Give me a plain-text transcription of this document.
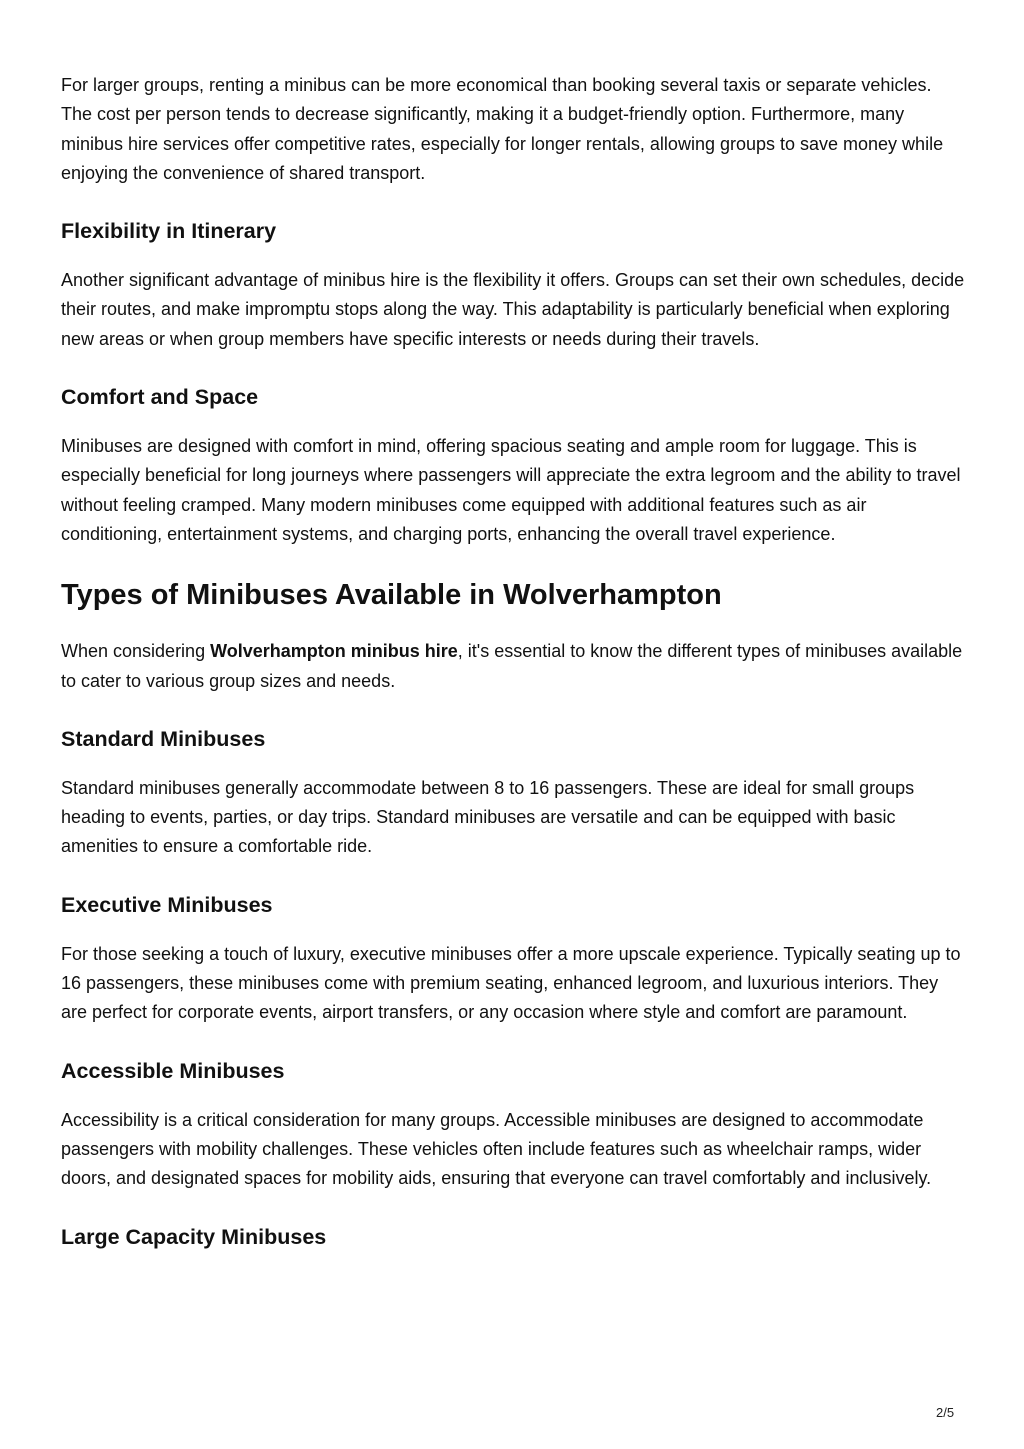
For larger groups, renting a minibus can be more economical than booking several taxis or separate vehicles. The cost per person tends to decrease significantly, making it a budget-friendly option. Furthermore, many minibus hire services offer competitive rates, especially for longer rentals, allowing groups to save money while enjoying the convenience of shared transport.

Flexibility in Itinerary

Another significant advantage of minibus hire is the flexibility it offers. Groups can set their own schedules, decide their routes, and make impromptu stops along the way. This adaptability is particularly beneficial when exploring new areas or when group members have specific interests or needs during their travels.

Comfort and Space

Minibuses are designed with comfort in mind, offering spacious seating and ample room for luggage. This is especially beneficial for long journeys where passengers will appreciate the extra legroom and the ability to travel without feeling cramped. Many modern minibuses come equipped with additional features such as air conditioning, entertainment systems, and charging ports, enhancing the overall travel experience.

Types of Minibuses Available in Wolverhampton

When considering Wolverhampton minibus hire, it's essential to know the different types of minibuses available to cater to various group sizes and needs.

Standard Minibuses

Standard minibuses generally accommodate between 8 to 16 passengers. These are ideal for small groups heading to events, parties, or day trips. Standard minibuses are versatile and can be equipped with basic amenities to ensure a comfortable ride.

Executive Minibuses

For those seeking a touch of luxury, executive minibuses offer a more upscale experience. Typically seating up to 16 passengers, these minibuses come with premium seating, enhanced legroom, and luxurious interiors. They are perfect for corporate events, airport transfers, or any occasion where style and comfort are paramount.

Accessible Minibuses

Accessibility is a critical consideration for many groups. Accessible minibuses are designed to accommodate passengers with mobility challenges. These vehicles often include features such as wheelchair ramps, wider doors, and designated spaces for mobility aids, ensuring that everyone can travel comfortably and inclusively.

Large Capacity Minibuses
2/5
